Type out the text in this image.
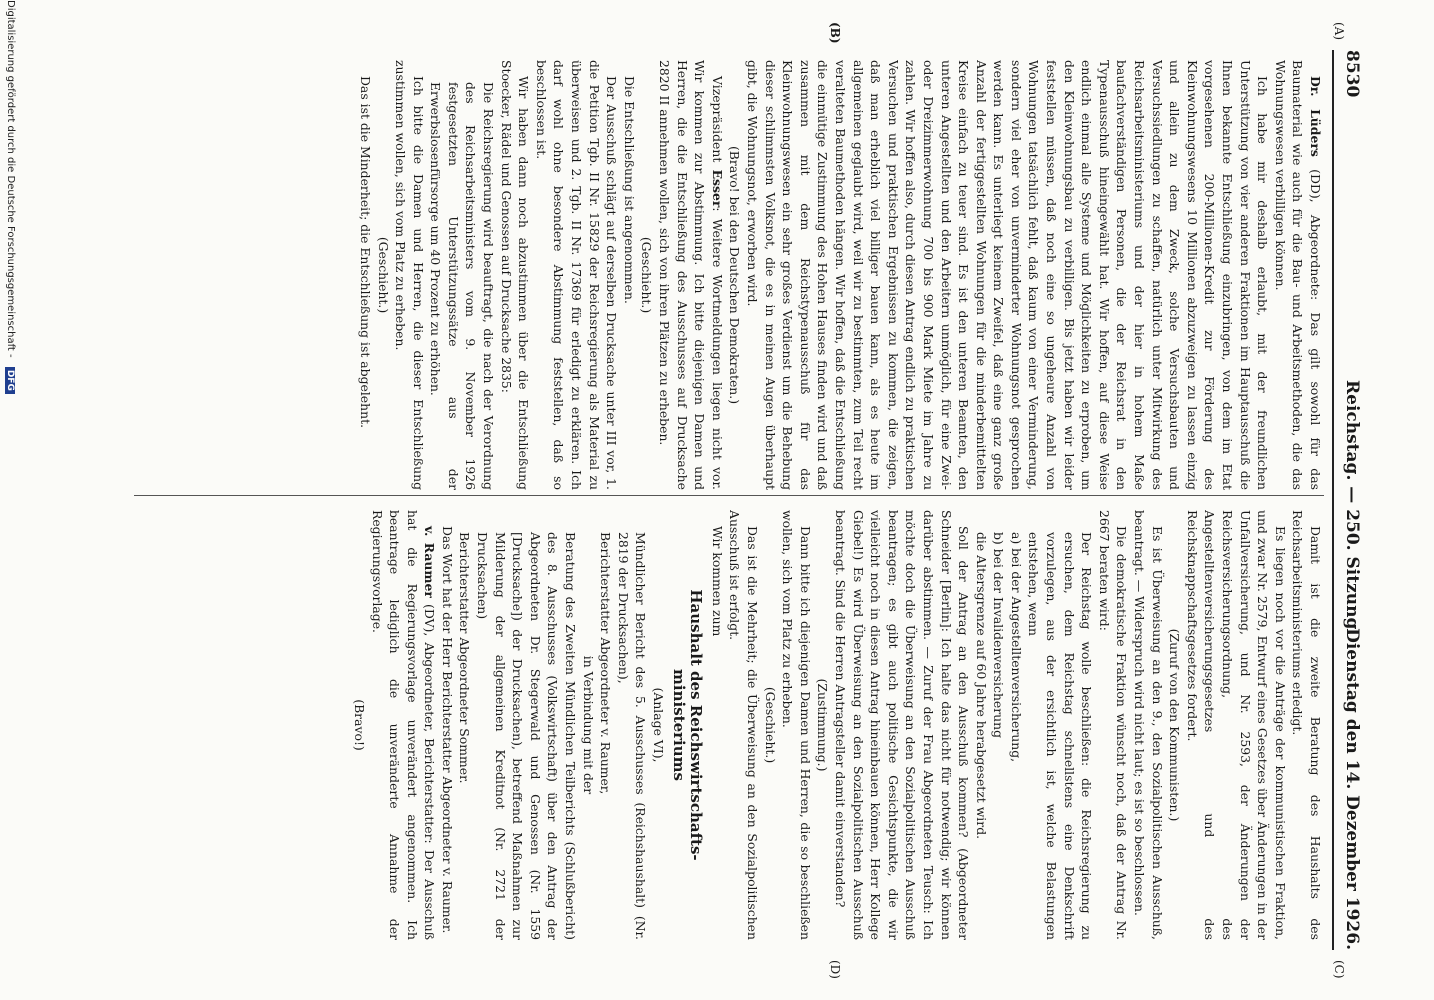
8530
Reichstag. — 250. Sitzung.
Dienstag den 14. Dezember 1926.
(A)
(B)
(C)
(D)

Dr. Lüders (DD), Abgeordnete: Das gilt sowohl für das Baumaterial wie auch für die Bau- und Arbeitsmethoden, die das Wohnungswesen verbilligen können.

Ich habe mir deshalb erlaubt, mit der freundlichen Unterstützung von vier anderen Fraktionen im Hauptausschuß die Ihnen bekannte Entschließung einzubringen, von dem im Etat vorgesehenen 200-Millionen-Kredit zur Förderung des Kleinwohnungswesens 10 Millionen abzuzweigen zu lassen einzig und allein zu dem Zweck, solche Versuchsbauten und Versuchssiedlungen zu schaffen, natürlich unter Mitwirkung des Reichsarbeitsministeriums und der hier in hohem Maße baufachverständigen Personen, die der Reichsrat in den Typenausschuß hineingewählt hat. Wir hoffen, auf diese Weise endlich einmal alle Systeme und Möglichkeiten zu erproben, um den Kleinwohnungsbau zu verbilligen. Bis jetzt haben wir leider feststellen müssen, daß noch eine so ungeheure Anzahl von Wohnungen tatsächlich fehlt, daß kaum von einer Verminderung, sondern viel eher von unverminderter Wohnungsnot gesprochen werden kann. Es unterliegt keinem Zweifel, daß eine ganz große Anzahl der fertiggestellten Wohnungen für die minderbemittelten Kreise einfach zu teuer sind. Es ist den unteren Beamten, den unteren Angestellten und den Arbeitern unmöglich, für eine Zwei- oder Dreizimmerwohnung 700 bis 900 Mark Miete im Jahre zu zahlen. Wir hoffen also, durch diesen Antrag endlich zu praktischen Versuchen und praktischen Ergebnissen zu kommen, die zeigen, daß man erheblich viel billiger bauen kann, als es heute im allgemeinen geglaubt wird, weil wir zu bestimmten, zum Teil recht veralteten Baumethoden hängen. Wir hoffen, daß die Entschließung die einmütige Zustimmung des Hohen Hauses finden wird und daß zusammen mit dem Reichstypenausschuß für das Kleinwohnungswesen ein sehr großes Verdienst um die Behebung dieser schlimmsten Volksnot, die es in meinen Augen überhaupt gibt, die Wohnungsnot, erworben wird.

(Bravo! bei den Deutschen Demokraten.)

Vizepräsident Esser: Weitere Wortmeldungen liegen nicht vor. Wir kommen zur Abstimmung. Ich bitte diejenigen Damen und Herren, die die Entschließung des Ausschusses auf Drucksache 2820 II annehmen wollen, sich von ihren Plätzen zu erheben.

(Geschieht.)

Die Entschließung ist angenommen.

Der Ausschuß schlägt auf derselben Drucksache unter III vor, 1. die Petition Tgb. II Nr. 15829 der Reichsregierung als Material zu überweisen und 2. Tgb. II Nr. 17369 für erledigt zu erklären. Ich darf wohl ohne besondere Abstimmung feststellen, daß so beschlossen ist.

Wir haben dann noch abzustimmen über die Entschließung Stoecker, Rädel und Genossen auf Drucksache 2835:

Die Reichsregierung wird beauftragt, die nach der Verordnung des Reichsarbeitsministers vom 9. November 1926 festgesetzten Unterstützungssätze aus der Erwerbslosenfürsorge um 40 Prozent zu erhöhen.

Ich bitte die Damen und Herren, die dieser Entschließung zustimmen wollen, sich vom Platz zu erheben.

(Geschieht.)

Das ist die Minderheit; die Entschließung ist abgelehnt.

Damit ist die zweite Beratung des Haushalts des Reichsarbeitsministeriums erledigt.

Es liegen noch vor die Anträge der kommunistischen Fraktion, und zwar Nr. 2579, Entwurf eines Gesetzes über Änderungen in der Unfallversicherung, und Nr. 2593, der Änderungen der Reichsversicherungsordnung, des Angestelltenversicherungsgesetzes und des Reichsknappschaftsgesetzes fordert.

(Zuruf von den Kommunisten.)

Es ist Überweisung an den 9., den Sozialpolitischen Ausschuß, beantragt. — Widerspruch wird nicht laut; es ist so beschlossen.

Die demokratische Fraktion wünscht noch, daß der Antrag Nr. 2667 beraten wird:

Der Reichstag wolle beschließen: die Reichsregierung zu ersuchen, dem Reichstag schnellstens eine Denkschrift vorzulegen, aus der ersichtlich ist, welche Belastungen entstehen, wenn

a) bei der Angestelltenversicherung,

b) bei der Invalidenversicherung

die Altersgrenze auf 60 Jahre herabgesetzt wird.

Soll der Antrag an den Ausschuß kommen? (Abgeordneter Schneider [Berlin]: Ich halte das nicht für notwendig; wir können darüber abstimmen. — Zuruf der Frau Abgeordneten Teusch: Ich möchte doch die Überweisung an den Sozialpolitischen Ausschuß beantragen; es gibt auch politische Gesichtspunkte, die wir vielleicht noch in diesen Antrag hineinbauen können, Herr Kollege Giebel!) Es wird Überweisung an den Sozialpolitischen Ausschuß beantragt. Sind die Herren Antragsteller damit einverstanden?

(Zustimmung.)

Dann bitte ich diejenigen Damen und Herren, die so beschließen wollen, sich vom Platz zu erheben.

(Geschieht.)

Das ist die Mehrheit; die Überweisung an den Sozialpolitischen Ausschuß ist erfolgt.

Wir kommen zum

Haushalt des Reichswirtschafts-
ministeriums

(Anlage VI),

Mündlicher Bericht des 5. Ausschusses (Reichshaushalt) (Nr. 2819 der Drucksachen),

Berichterstatter Abgeordneter v. Raumer,

in Verbindung mit der

Beratung des Zweiten Mündlichen Teilberichts (Schlußbericht) des 8. Ausschusses (Volkswirtschaft) über den Antrag der Abgeordneten Dr. Stegerwald und Genossen (Nr. 1559 [Drucksache]) der Drucksachen), betreffend Maßnahmen zur Milderung der allgemeinen Kreditnot (Nr. 2721 der Drucksachen)

Berichterstatter Abgeordneter Sommer.

Das Wort hat der Herr Berichterstatter Abgeordneter v. Raumer.

v. Raumer (DV), Abgeordneter, Berichterstatter: Der Ausschuß hat die Regierungsvorlage unverändert angenommen. Ich beantrage lediglich die unveränderte Annahme der Regierungsvorlage.

(Bravo!)

Digitalisierung gefördert durch die Deutsche Forschungsgemeinschaft - DFG
